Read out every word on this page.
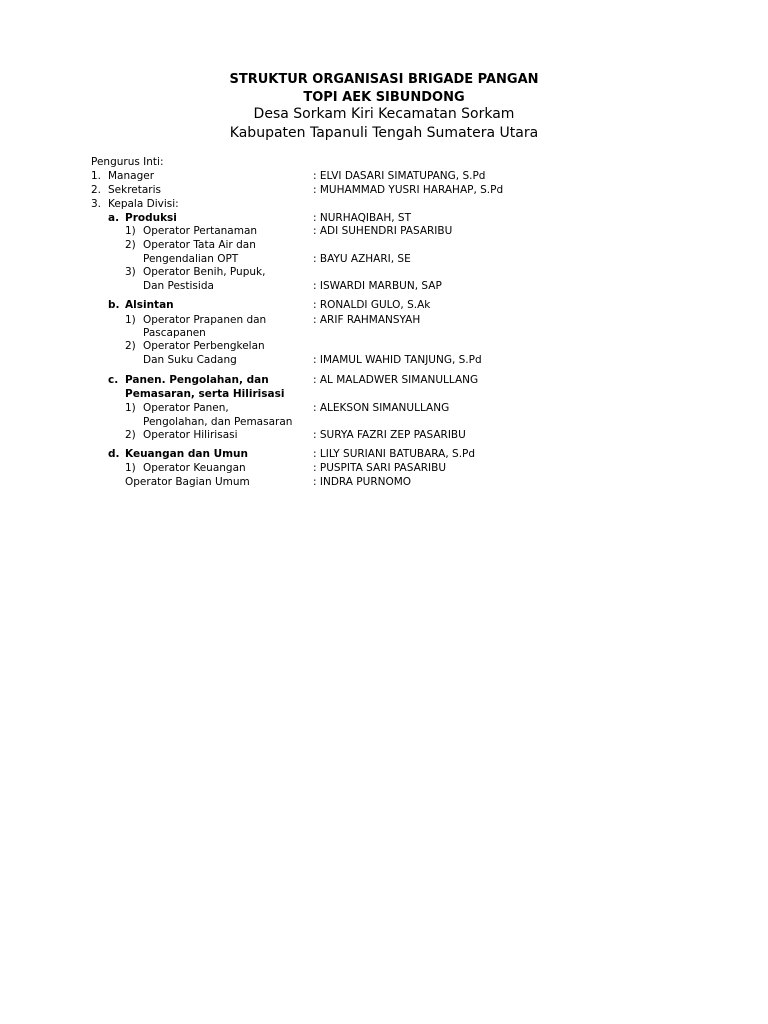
STRUKTUR ORGANISASI BRIGADE PANGAN
TOPI AEK SIBUNDONG
Desa Sorkam Kiri Kecamatan Sorkam
Kabupaten Tapanuli Tengah Sumatera Utara
Pengurus Inti:
1. Manager	: ELVI DASARI SIMATUPANG, S.Pd
2. Sekretaris	: MUHAMMAD YUSRI HARAHAP, S.Pd
3. Kepala Divisi:
a. Produksi	: NURHAQIBAH, ST
1) Operator Pertanaman	: ADI SUHENDRI PASARIBU
2) Operator Tata Air dan
Pengendalian OPT	: BAYU AZHARI, SE
3) Operator Benih, Pupuk,
Dan Pestisida	: ISWARDI MARBUN, SAP
b. Alsintan	: RONALDI GULO, S.Ak
1) Operator Prapanen dan	: ARIF RAHMANSYAH
Pascapanen
2) Operator Perbengkelan
Dan Suku Cadang	: IMAMUL WAHID TANJUNG, S.Pd
c. Panen. Pengolahan, dan	: AL MALADWER SIMANULLANG
Pemasaran, serta Hilirisasi
1) Operator Panen,	: ALEKSON SIMANULLANG
Pengolahan, dan Pemasaran
2) Operator Hilirisasi	: SURYA FAZRI ZEP PASARIBU
d. Keuangan dan Umun	: LILY SURIANI BATUBARA, S.Pd
1) Operator Keuangan	: PUSPITA SARI PASARIBU
Operator Bagian Umum	: INDRA PURNOMO
